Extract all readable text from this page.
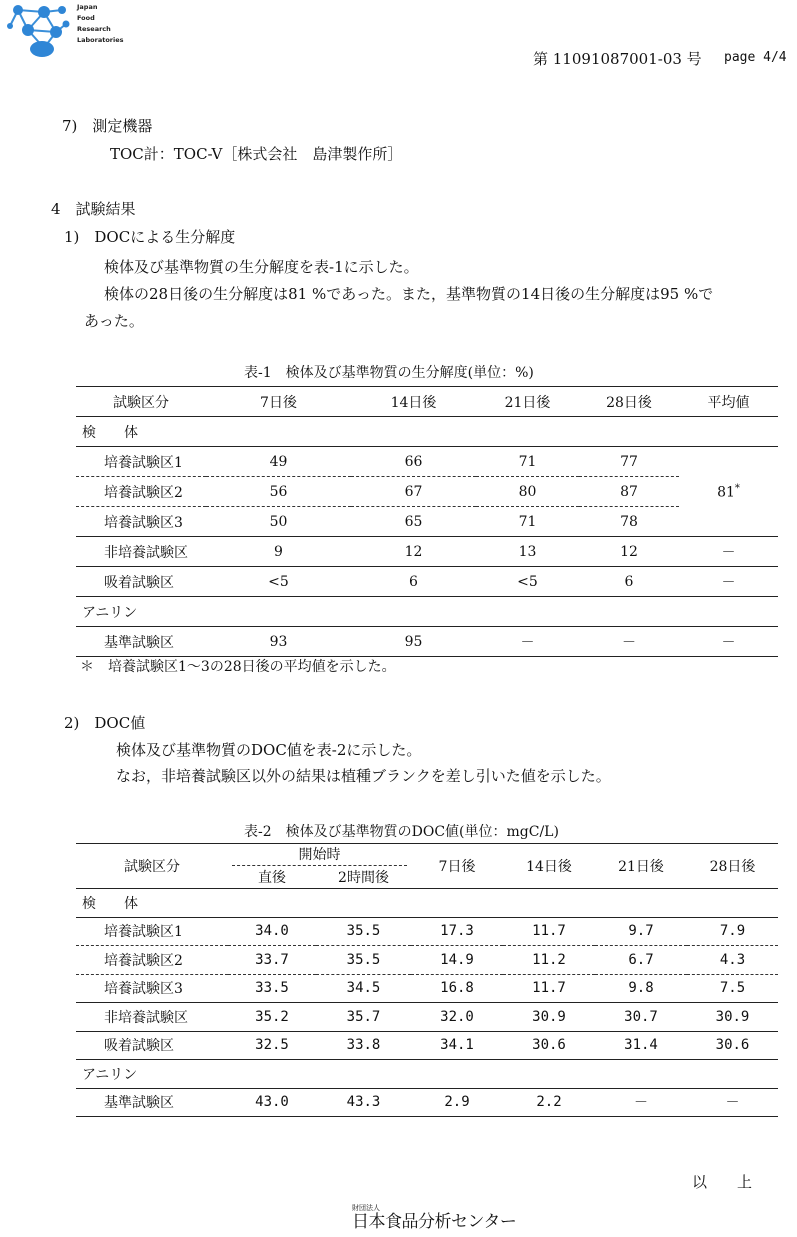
Japan
Food
Research
Laboratories
第 11091087001-03 号 page 4/4
7)　測定機器
TOC計：TOC-V［株式会社　島津製作所］
4　試験結果
1)　DOCによる生分解度
検体及び基準物質の生分解度を表-1に示した。
検体の28日後の生分解度は81 %であった。また，基準物質の14日後の生分解度は95 %で
あった。
表-1　検体及び基準物質の生分解度(単位：%)
試験区分	7日後	14日後	21日後	28日後	平均値
検　　体					
培養試験区1	49	66	71	77	81*
培養試験区2	56	67	80	87	
培養試験区3	50	65	71	78	
非培養試験区	9	12	13	12	－
吸着試験区	<5	6	<5	6	－
アニリン					
基準試験区	93	95	－	－	－
＊　培養試験区1～3の28日後の平均値を示した。
2)　DOC値
検体及び基準物質のDOC値を表-2に示した。
なお，非培養試験区以外の結果は植種ブランクを差し引いた値を示した。
表-2　検体及び基準物質のDOC値(単位：mgC/L)
試験区分	開始時		7日後	14日後	21日後	28日後
	直後	2時間後				
検　　体						
培養試験区1	34.0	35.5	17.3	11.7	9.7	7.9
培養試験区2	33.7	35.5	14.9	11.2	6.7	4.3
培養試験区3	33.5	34.5	16.8	11.7	9.8	7.5
非培養試験区	35.2	35.7	32.0	30.9	30.7	30.9
吸着試験区	32.5	33.8	34.1	30.6	31.4	30.6
アニリン						
基準試験区	43.0	43.3	2.9	2.2	－	－
以　　上
財団法人
日本食品分析センター
